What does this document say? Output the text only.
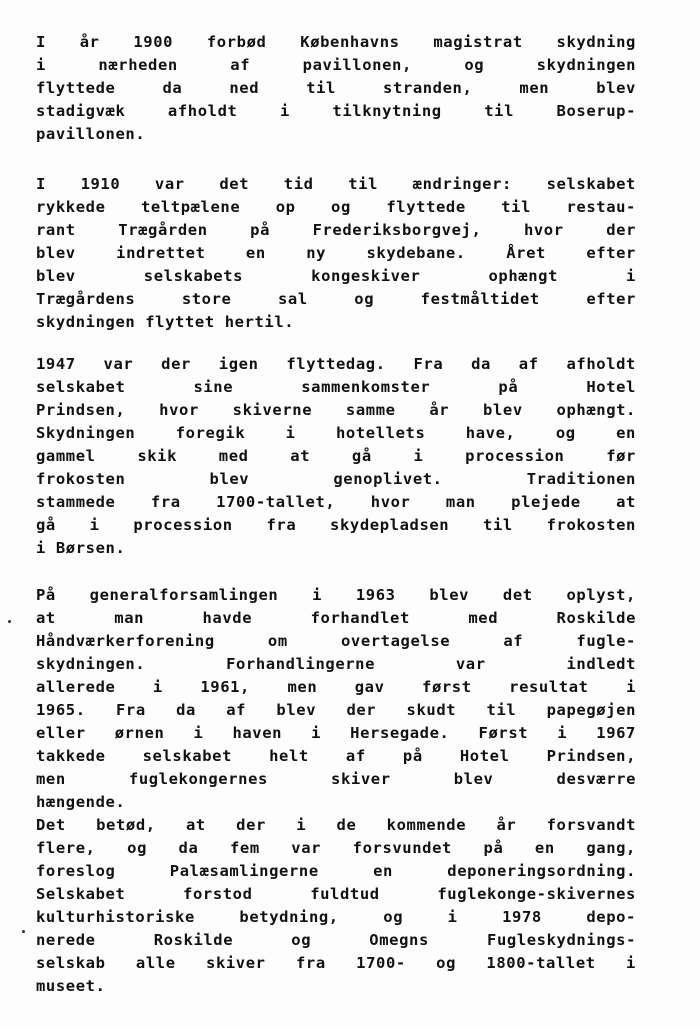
I år 1900 forbød Københavns magistrat skydning
i nærheden af pavillonen, og skydningen
flyttede da ned til stranden, men blev
stadigvæk afholdt i tilknytning til Boserup-
pavillonen.
I 1910 var det tid til ændringer: selskabet
rykkede teltpælene op og flyttede til restau-
rant Trægården på Frederiksborgvej, hvor der
blev indrettet en ny skydebane. Året efter
blev selskabets kongeskiver ophængt i
Trægårdens store sal og festmåltidet efter
skydningen flyttet hertil.
1947 var der igen flyttedag. Fra da af afholdt
selskabet sine sammenkomster på Hotel
Prindsen, hvor skiverne samme år blev ophængt.
Skydningen foregik i hotellets have, og en
gammel skik med at gå i procession før
frokosten blev genoplivet. Traditionen
stammede fra 1700-tallet, hvor man plejede at
gå i procession fra skydepladsen til frokosten
i Børsen.
På generalforsamlingen i 1963 blev det oplyst,
at man havde forhandlet med Roskilde
Håndværkerforening om overtagelse af fugle-
skydningen. Forhandlingerne var indledt
allerede i 1961, men gav først resultat i
1965. Fra da af blev der skudt til papegøjen
eller ørnen i haven i Hersegade. Først i 1967
takkede selskabet helt af på Hotel Prindsen,
men fuglekongernes skiver blev desværre
hængende.
Det betød, at der i de kommende år forsvandt
flere, og da fem var forsvundet på en gang,
foreslog Palæsamlingerne en deponeringsordning.
Selskabet forstod fuldtud fuglekonge-skivernes
kulturhistoriske betydning, og i 1978 depo-
nerede Roskilde og Omegns Fugleskydnings-
selskab alle skiver fra 1700- og 1800-tallet i
museet.
